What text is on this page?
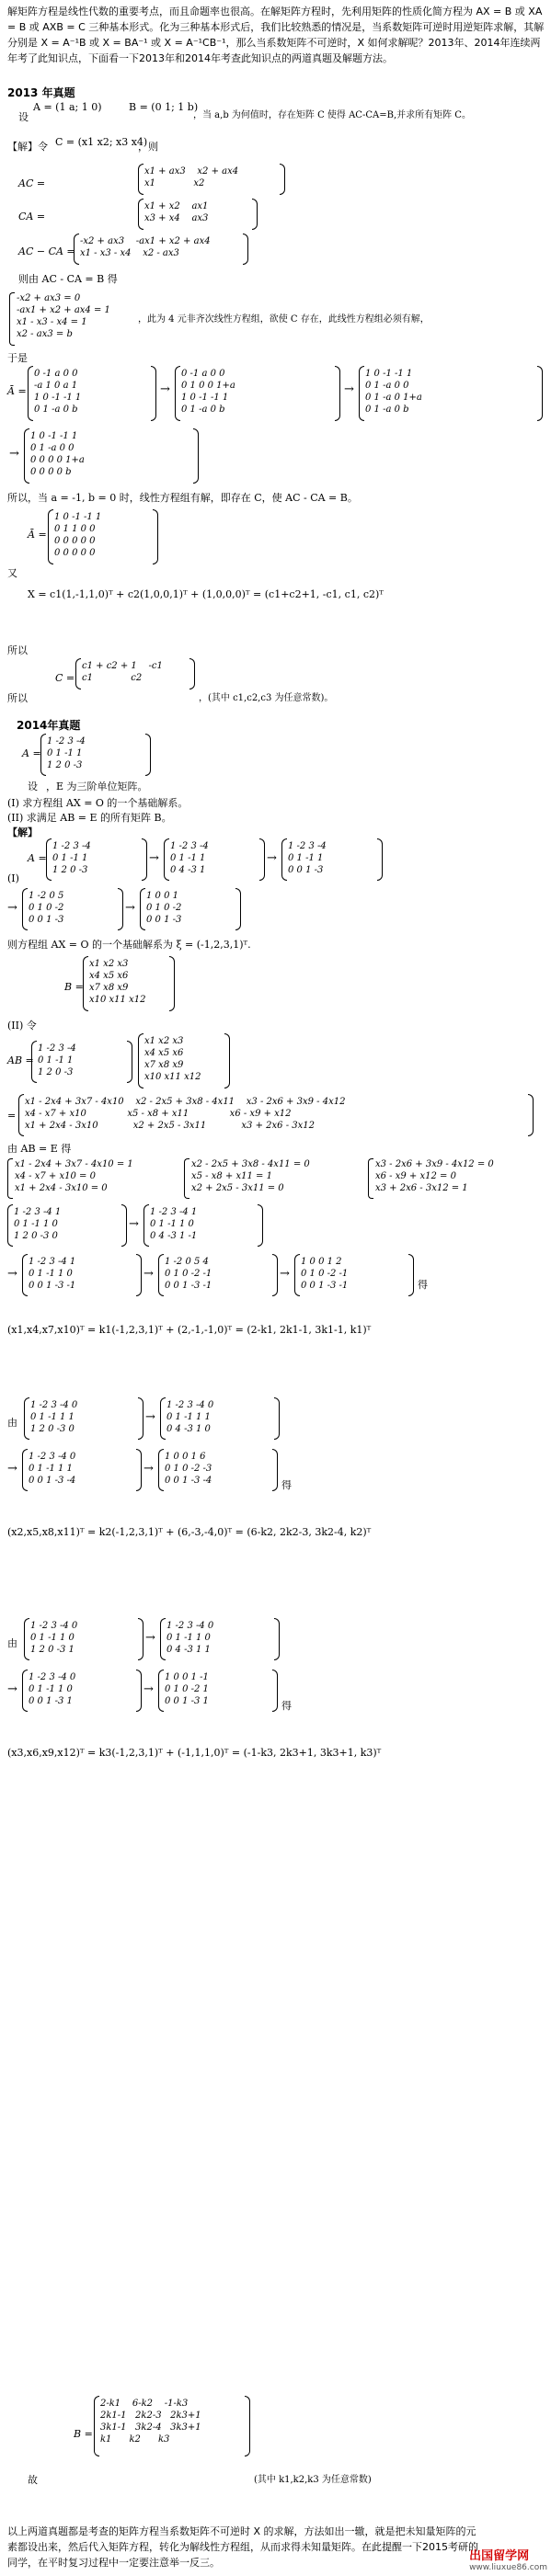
解矩阵方程是线性代数的重要考点，而且命题率也很高。在解矩阵方程时，先利用矩阵的性质化简方程为 AX = B 或 XA = B 或 AXB = C 三种基本形式。化为三种基本形式后，我们比较熟悉的情况是，当系数矩阵可逆时用逆矩阵求解，其解分别是 X = A⁻¹B 或 X = BA⁻¹ 或 X = A⁻¹CB⁻¹，那么当系数矩阵不可逆时，X 如何求解呢？2013年、2014年连续两年考了此知识点，下面看一下2013年和2014年考查此知识点的两道真题及解题方法。
2013 年真题
设
A = (1 a; 1 0)	B = (0 1; 1 b)
，当 a,b 为何值时，存在矩阵 C 使得 AC-CA=B,并求所有矩阵 C。
【解】令 C = (x1 x2; x3 x4)
，则
AC =
x1 + ax3    x2 + ax4
x1             x2
CA =
x1 + x2    ax1
x3 + x4    ax3
AC − CA =
-x2 + ax3    -ax1 + x2 + ax4
x1 - x3 - x4    x2 - ax3
则由 AC - CA = B 得
-x2 + ax3 = 0
-ax1 + x2 + ax4 = 1
x1 - x3 - x4 = 1
x2 - ax3 = b
，此为 4 元非齐次线性方程组，欲使 C 存在，此线性方程组必须有解，
于是
Ā =
0 -1 a 0 0
-a 1 0 a 1
1 0 -1 -1 1
0 1 -a 0 b
→
0 -1 a 0 0
0 1 0 0 1+a
1 0 -1 -1 1
0 1 -a 0 b
→
1 0 -1 -1 1
0 1 -a 0 0
0 1 -a 0 1+a
0 1 -a 0 b
→
1 0 -1 -1 1
0 1 -a 0 0
0 0 0 0 1+a
0 0 0 0 b
所以，当 a = -1, b = 0 时，线性方程组有解，即存在 C，使 AC - CA = B。
Ā =
1 0 -1 -1 1
0 1 1 0 0
0 0 0 0 0
0 0 0 0 0
又
X = c1(1,-1,1,0)ᵀ + c2(1,0,0,1)ᵀ + (1,0,0,0)ᵀ = (c1+c2+1, -c1, c1, c2)ᵀ
所以
C =
c1 + c2 + 1    -c1
c1             c2
所以	，(其中 c1,c2,c3 为任意常数)。
2014年真题
A =
1 -2 3 -4
0 1 -1 1
1 2 0 -3
设 ，E 为三阶单位矩阵。
(I) 求方程组 AX = O 的一个基础解系。
(II) 求满足 AB = E 的所有矩阵 B。
【解】
A =
1 -2 3 -4
0 1 -1 1
1 2 0 -3
(I)
→
1 -2 3 -4
0 1 -1 1
0 4 -3 1
→
1 -2 3 -4
0 1 -1 1
0 0 1 -3
→
1 -2 0 5
0 1 0 -2
0 0 1 -3
→
1 0 0 1
0 1 0 -2
0 0 1 -3
则方程组 AX = O 的一个基础解系为 ξ = (-1,2,3,1)ᵀ.
B =
x1 x2 x3
x4 x5 x6
x7 x8 x9
x10 x11 x12
(II) 令
AB =
1 -2 3 -4
0 1 -1 1
1 2 0 -3
x1 x2 x3
x4 x5 x6
x7 x8 x9
x10 x11 x12
=
x1 - 2x4 + 3x7 - 4x10    x2 - 2x5 + 3x8 - 4x11    x3 - 2x6 + 3x9 - 4x12
x4 - x7 + x10              x5 - x8 + x11              x6 - x9 + x12
x1 + 2x4 - 3x10            x2 + 2x5 - 3x11            x3 + 2x6 - 3x12
由 AB = E 得
x1 - 2x4 + 3x7 - 4x10 = 1
x4 - x7 + x10 = 0
x1 + 2x4 - 3x10 = 0
x2 - 2x5 + 3x8 - 4x11 = 0
x5 - x8 + x11 = 1
x2 + 2x5 - 3x11 = 0
x3 - 2x6 + 3x9 - 4x12 = 0
x6 - x9 + x12 = 0
x3 + 2x6 - 3x12 = 1
1 -2 3 -4 1
0 1 -1 1 0
1 2 0 -3 0
→
1 -2 3 -4 1
0 1 -1 1 0
0 4 -3 1 -1
→
1 -2 3 -4 1
0 1 -1 1 0
0 0 1 -3 -1
→
1 -2 0 5 4
0 1 0 -2 -1
0 0 1 -3 -1
→
1 0 0 1 2
0 1 0 -2 -1
0 0 1 -3 -1	得
(x1,x4,x7,x10)ᵀ = k1(-1,2,3,1)ᵀ + (2,-1,-1,0)ᵀ = (2-k1, 2k1-1, 3k1-1, k1)ᵀ
由
1 -2 3 -4 0
0 1 -1 1 1
1 2 0 -3 0
→
1 -2 3 -4 0
0 1 -1 1 1
0 4 -3 1 0
→
1 -2 3 -4 0
0 1 -1 1 1
0 0 1 -3 -4
→
1 0 0 1 6
0 1 0 -2 -3
0 0 1 -3 -4	得
(x2,x5,x8,x11)ᵀ = k2(-1,2,3,1)ᵀ + (6,-3,-4,0)ᵀ = (6-k2, 2k2-3, 3k2-4, k2)ᵀ
由
1 -2 3 -4 0
0 1 -1 1 0
1 2 0 -3 1
→
1 -2 3 -4 0
0 1 -1 1 0
0 4 -3 1 1
→
1 -2 3 -4 0
0 1 -1 1 0
0 0 1 -3 1
→
1 0 0 1 -1
0 1 0 -2 1
0 0 1 -3 1	得
(x3,x6,x9,x12)ᵀ = k3(-1,2,3,1)ᵀ + (-1,1,1,0)ᵀ = (-1-k3, 2k3+1, 3k3+1, k3)ᵀ
B =
2-k1    6-k2    -1-k3
2k1-1   2k2-3   2k3+1
3k1-1   3k2-4   3k3+1
k1      k2      k3
故	(其中 k1,k2,k3 为任意常数)
以上两道真题都是考查的矩阵方程当系数矩阵不可逆时 X 的求解，方法如出一辙，就是把未知量矩阵的元素都设出来，然后代入矩阵方程，转化为解线性方程组，从而求得未知量矩阵。在此提醒一下2015考研的同学，在平时复习过程中一定要注意举一反三。	出国留学网
www.liuxue86.com
